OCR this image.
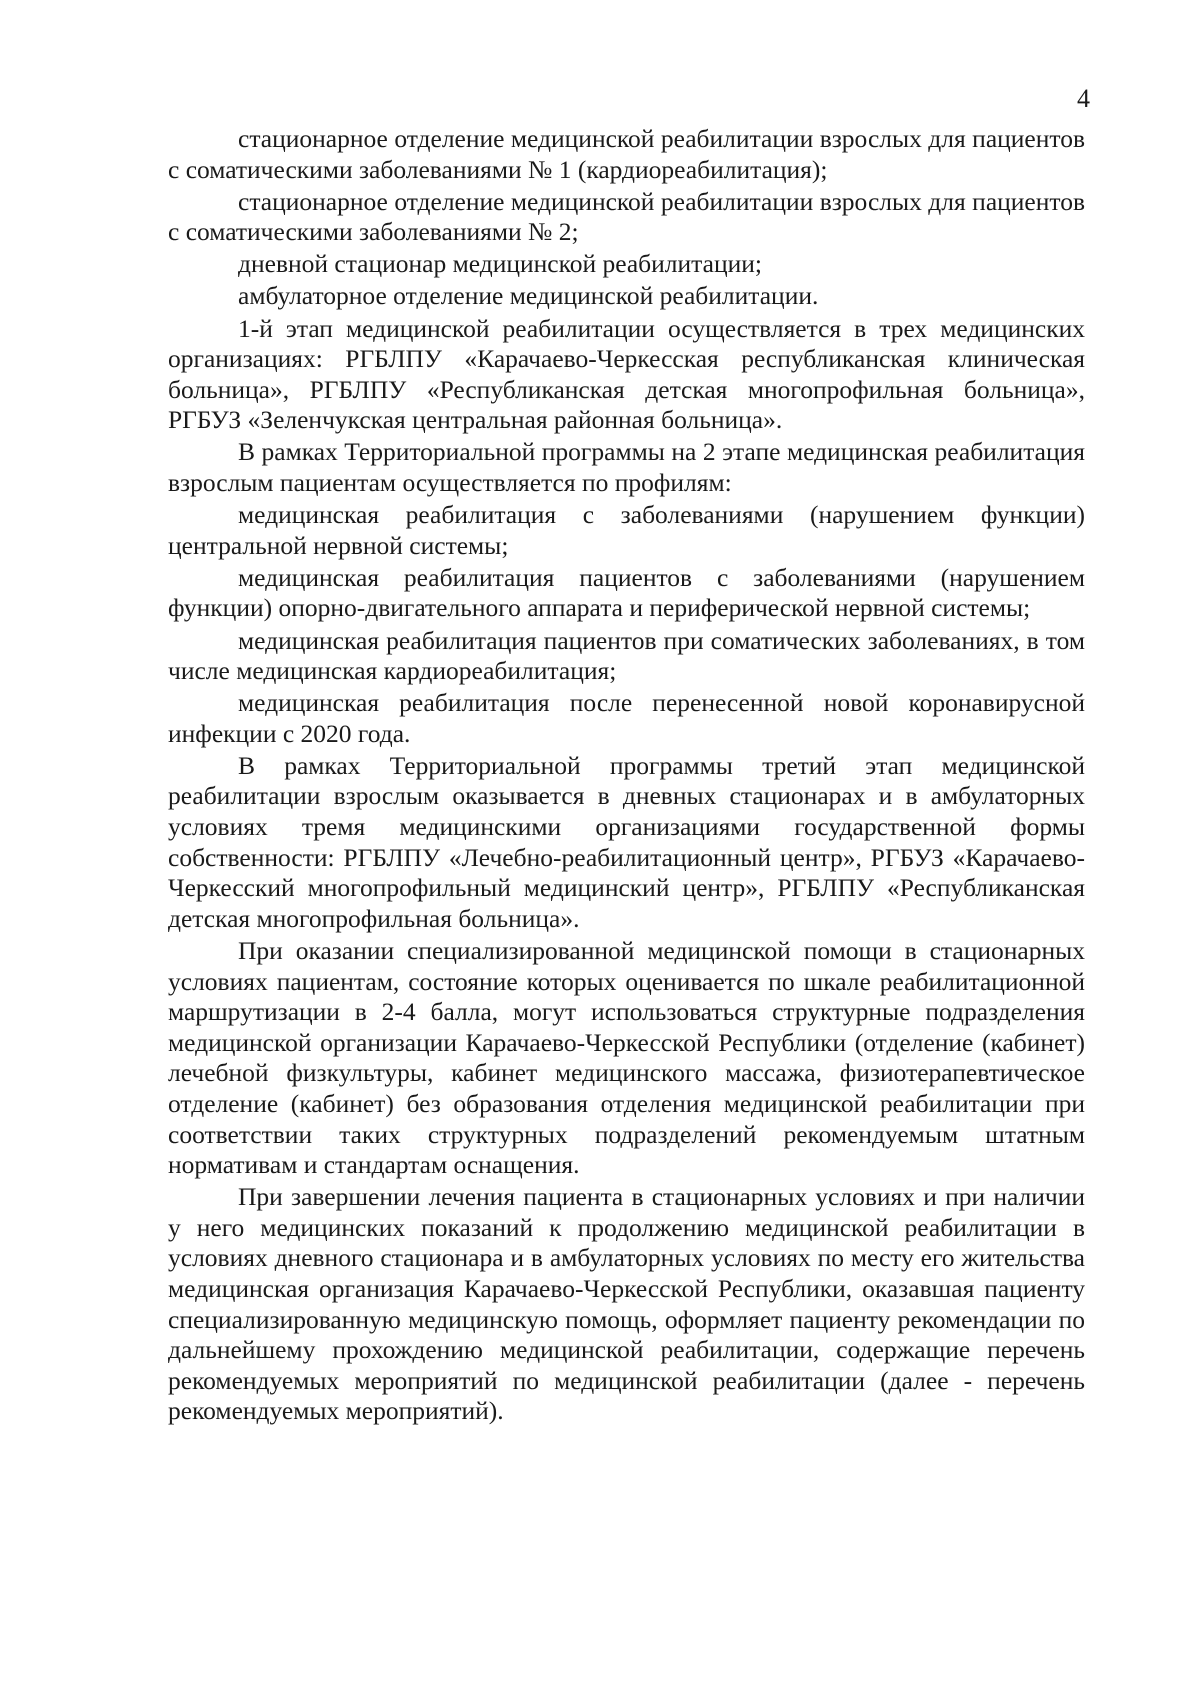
4

стационарное отделение медицинской реабилитации взрослых для пациентов с соматическими заболеваниями № 1 (кардиореабилитация);

стационарное отделение медицинской реабилитации взрослых для пациентов с соматическими заболеваниями № 2;

дневной стационар медицинской реабилитации;

амбулаторное отделение медицинской реабилитации.

1-й этап медицинской реабилитации осуществляется в трех медицинских организациях: РГБЛПУ «Карачаево-Черкесская республиканская клиническая больница», РГБЛПУ «Республиканская детская многопрофильная больница», РГБУЗ «Зеленчукская центральная районная больница».

В рамках Территориальной программы на 2 этапе медицинская реабилитация взрослым пациентам осуществляется по профилям:

медицинская реабилитация с заболеваниями (нарушением функции) центральной нервной системы;

медицинская реабилитация пациентов с заболеваниями (нарушением функции) опорно-двигательного аппарата и периферической нервной системы;

медицинская реабилитация пациентов при соматических заболеваниях, в том числе медицинская кардиореабилитация;

медицинская реабилитация после перенесенной новой коронавирусной инфекции с 2020 года.

В рамках Территориальной программы третий этап медицинской реабилитации взрослым оказывается в дневных стационарах и в амбулаторных условиях тремя медицинскими организациями государственной формы собственности: РГБЛПУ «Лечебно-реабилитационный центр», РГБУЗ «Карачаево-Черкесский многопрофильный медицинский центр», РГБЛПУ «Республиканская детская многопрофильная больница».

При оказании специализированной медицинской помощи в стационарных условиях пациентам, состояние которых оценивается по шкале реабилитационной маршрутизации в 2-4 балла, могут использоваться структурные подразделения медицинской организации Карачаево-Черкесской Республики (отделение (кабинет) лечебной физкультуры, кабинет медицинского массажа, физиотерапевтическое отделение (кабинет) без образования отделения медицинской реабилитации при соответствии таких структурных подразделений рекомендуемым штатным нормативам и стандартам оснащения.

При завершении лечения пациента в стационарных условиях и при наличии у него медицинских показаний к продолжению медицинской реабилитации в условиях дневного стационара и в амбулаторных условиях по месту его жительства медицинская организация Карачаево-Черкесской Республики, оказавшая пациенту специализированную медицинскую помощь, оформляет пациенту рекомендации по дальнейшему прохождению медицинской реабилитации, содержащие перечень рекомендуемых мероприятий по медицинской реабилитации (далее - перечень рекомендуемых мероприятий).
